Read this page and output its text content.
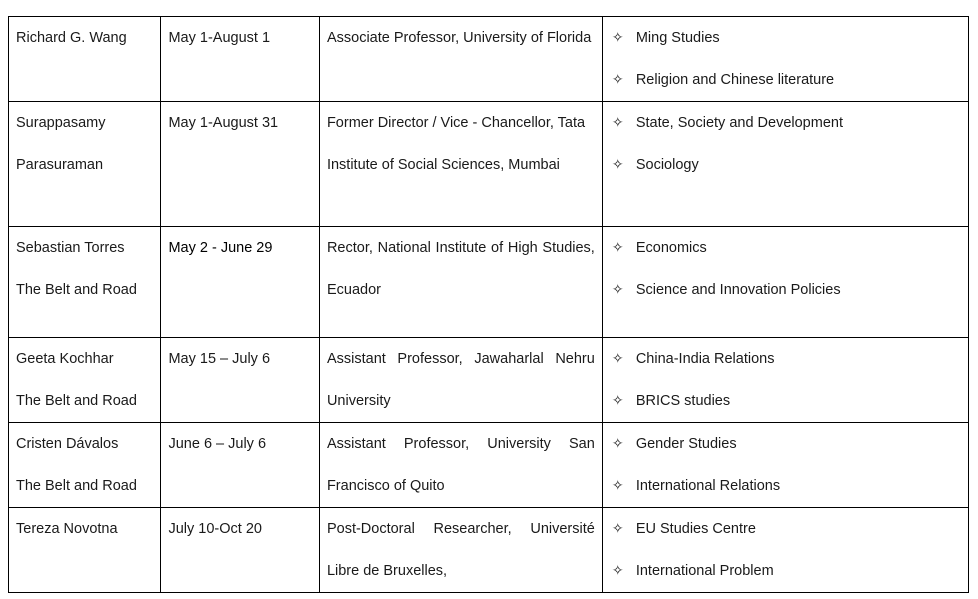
Richard G. Wang	May 1-August 1	Associate Professor, University of Florida	✧ Ming Studies
✧ Religion and Chinese literature

Surappasamy
Parasuraman	May 1-August 31	Former Director / Vice - Chancellor, Tata Institute of Social Sciences, Mumbai	✧ State, Society and Development
✧ Sociology

Sebastian Torres
The Belt and Road	May 2 - June 29	Rector, National Institute of High Studies, Ecuador	✧ Economics
✧ Science and Innovation Policies

Geeta Kochhar
The Belt and Road	May 15 – July 6	Assistant Professor, Jawaharlal Nehru University	✧ China-India Relations
✧ BRICS studies

Cristen Dávalos
The Belt and Road	June 6 – July 6	Assistant Professor, University San Francisco of Quito	✧ Gender Studies
✧ International Relations

Tereza Novotna	July 10-Oct 20	Post-Doctoral Researcher, Université Libre de Bruxelles,	✧ EU Studies Centre
✧ International Problem
